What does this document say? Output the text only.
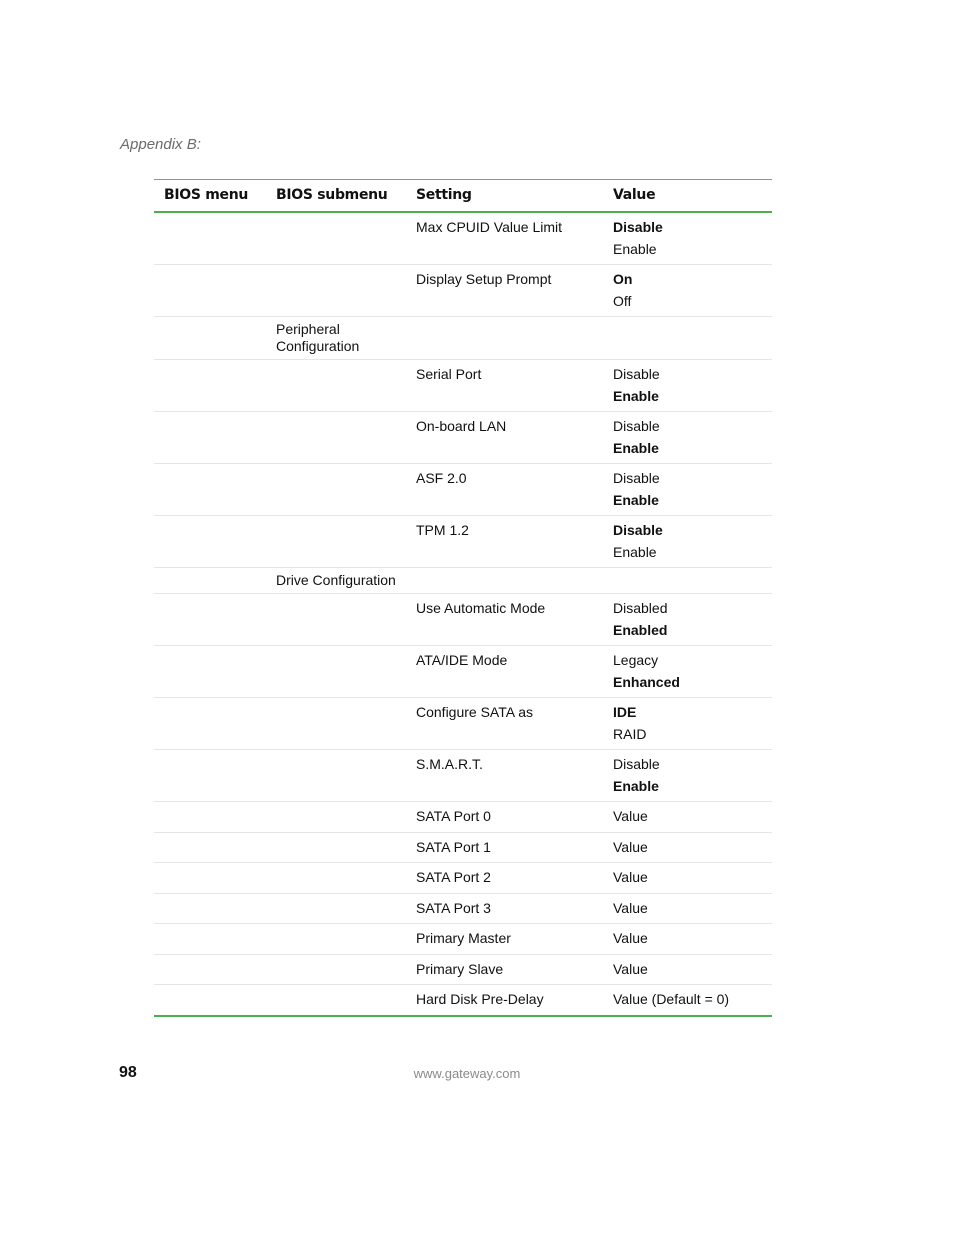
Appendix B:
BIOS menu	BIOS submenu	Setting	Value
		Max CPUID Value Limit	Disable
Enable

		Display Setup Prompt	On
Off

	Peripheral Configuration		
		Serial Port	Disable
Enable

		On-board LAN	Disable
Enable

		ASF 2.0	Disable
Enable

		TPM 1.2	Disable
Enable

	Drive Configuration		
		Use Automatic Mode	Disabled
Enabled

		ATA/IDE Mode	Legacy
Enhanced

		Configure SATA as	IDE
RAID

		S.M.A.R.T.	Disable
Enable

		SATA Port 0	Value

		SATA Port 1	Value

		SATA Port 2	Value

		SATA Port 3	Value

		Primary Master	Value

		Primary Slave	Value

		Hard Disk Pre-Delay	Value (Default = 0)
98	www.gateway.com
